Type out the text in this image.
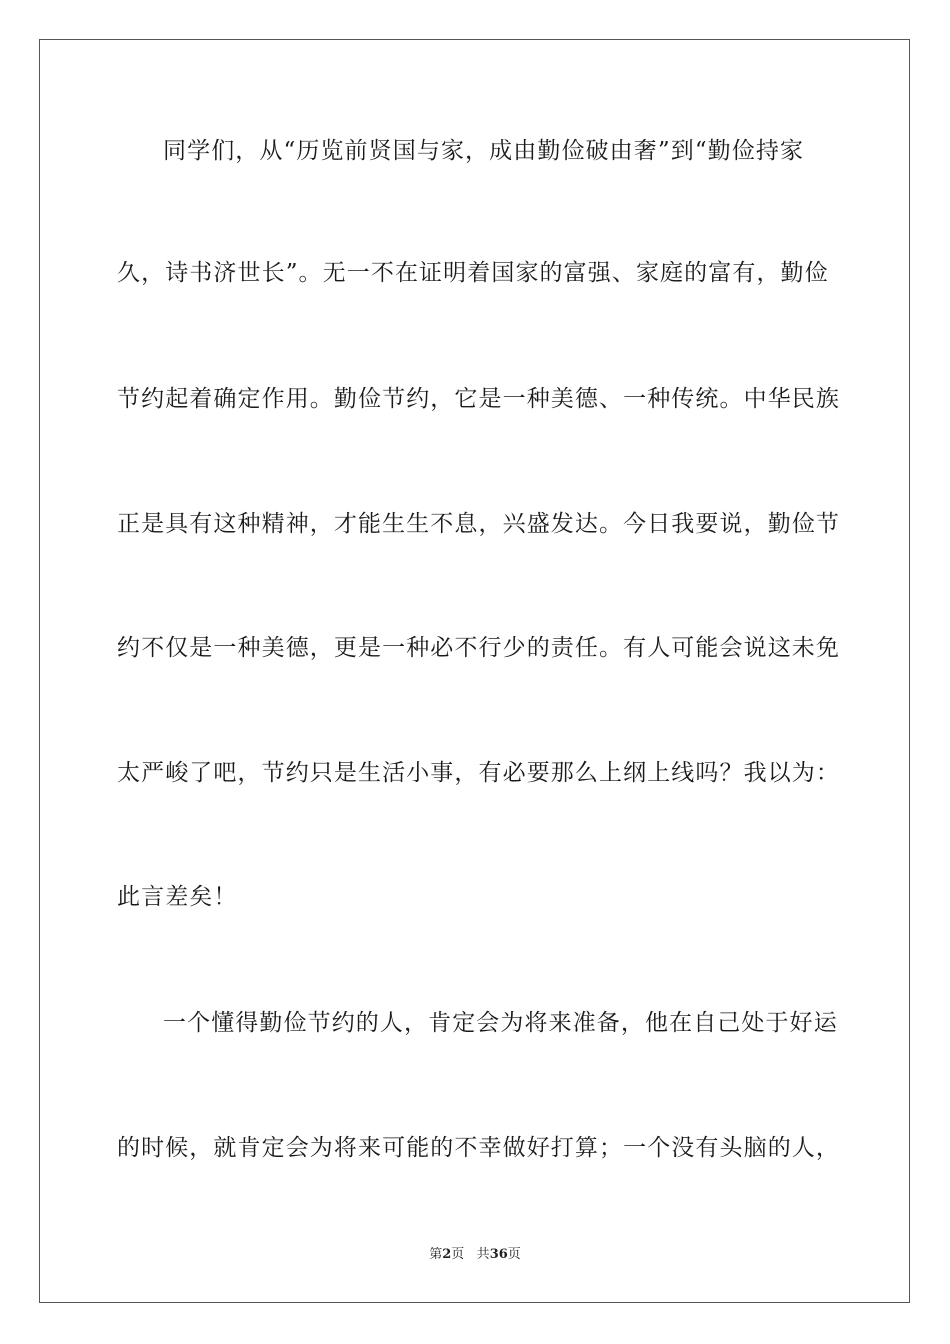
同学们，从“历览前贤国与家，成由勤俭破由奢”到“勤俭持家
久，诗书济世长”。无一不在证明着国家的富强、家庭的富有，勤俭
节约起着确定作用。勤俭节约，它是一种美德、一种传统。中华民族
正是具有这种精神，才能生生不息，兴盛发达。今日我要说，勤俭节
约不仅是一种美德，更是一种必不行少的责任。有人可能会说这未免
太严峻了吧，节约只是生活小事，有必要那么上纲上线吗？我以为：
此言差矣！
一个懂得勤俭节约的人，肯定会为将来准备，他在自己处于好运
的时候，就肯定会为将来可能的不幸做好打算；一个没有头脑的人，
第2页 共36页
